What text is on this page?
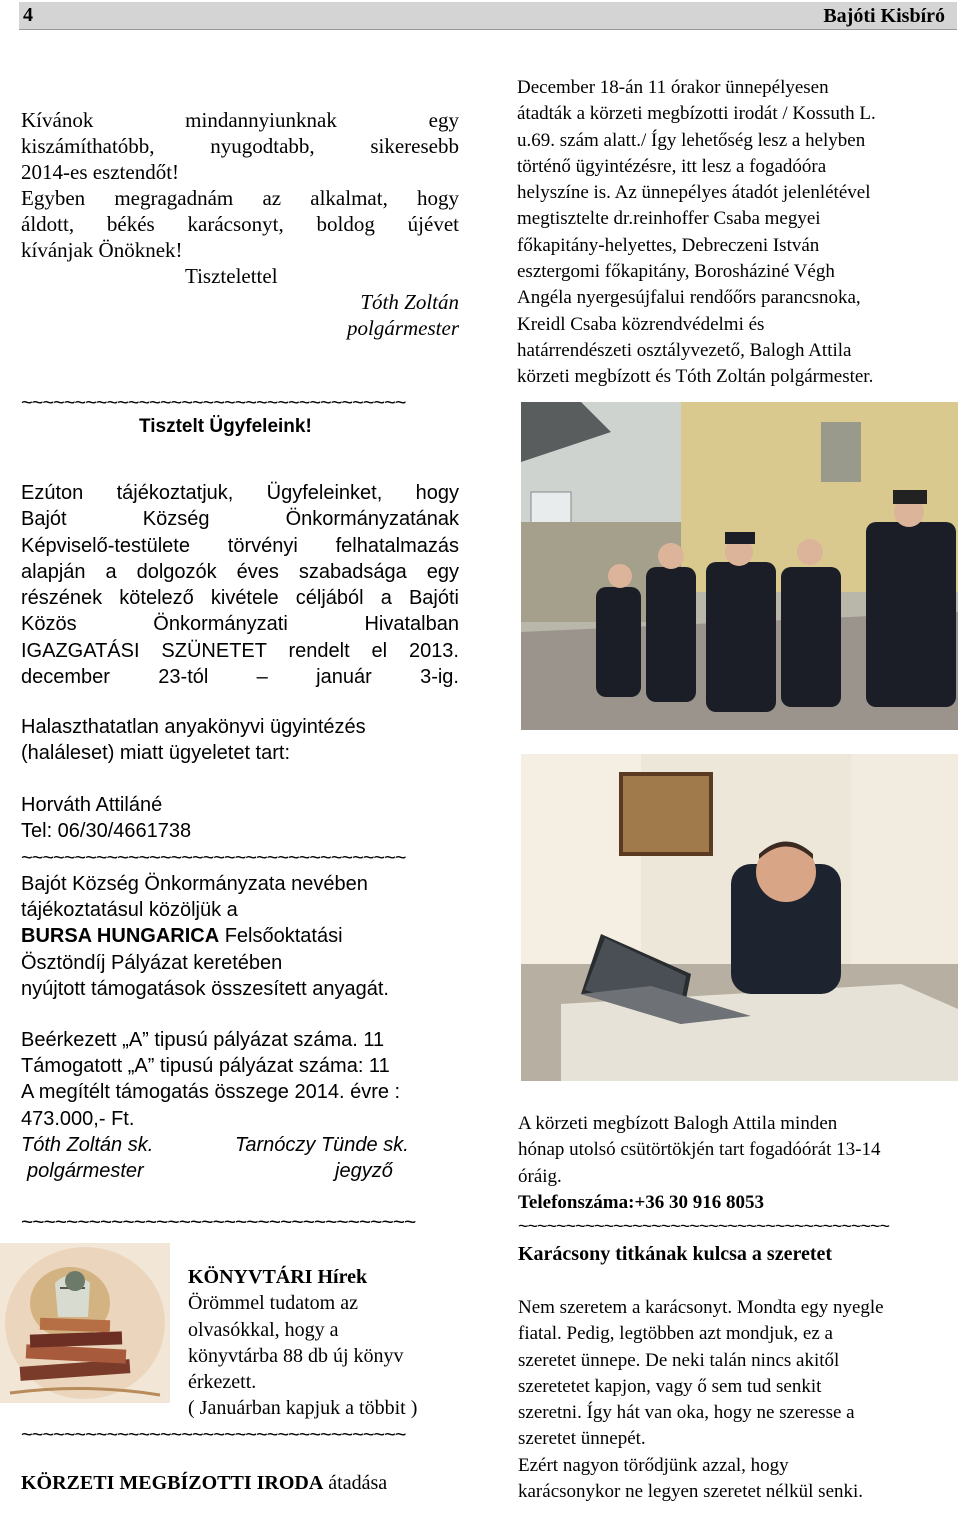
4	Bajóti Kisbíró
Kívánok	mindannyiunknak	egy
kiszámíthatóbb,	nyugodtabb,	sikeresebb
2014-es esztendőt!
Egyben megragadnám az alkalmat, hogy
áldott, békés karácsonyt, boldog újévet
kívánjak Önöknek!
Tisztelettel
Tóth Zoltán
polgármester
~~~~~~~~~~~~~~~~~~~~~~~~~~~~~~~~~~~~
Tisztelt Ügyfeleink!
Ezúton tájékoztatjuk, Ügyfeleinket, hogy
Bajót Község Önkormányzatának
Képviselő-testülete törvényi felhatalmazás
alapján a dolgozók éves szabadsága egy
részének kötelező kivétele céljából a Bajóti
Közös Önkormányzati Hivatalban
IGAZGATÁSI SZÜNETET rendelt el 2013.
december 23-tól – január 3-ig.
Halaszthatatlan anyakönyvi ügyintézés
(haláleset) miatt ügyeletet tart:
Horváth Attiláné
Tel: 06/30/4661738
~~~~~~~~~~~~~~~~~~~~~~~~~~~~~~~~~~~~
Bajót Község Önkormányzata nevében
tájékoztatásul közöljük a
BURSA HUNGARICA Felsőoktatási
Ösztöndíj Pályázat keretében
nyújtott támogatások összesített anyagát.
Beérkezett „A” tipusú pályázat száma. 11
Támogatott „A” tipusú pályázat száma: 11
A megítélt támogatás összege 2014. évre :
473.000,- Ft.
Tóth Zoltán sk.	Tarnóczy Tünde sk.
polgármester	jegyző
~~~~~~~~~~~~~~~~~~~~~~~~~~~~~~~~~~~
KÖNYVTÁRI Hírek
Örömmel tudatom az
olvasókkal, hogy a
könyvtárba 88 db új könyv
érkezett.
( Januárban kapjuk a többit )
~~~~~~~~~~~~~~~~~~~~~~~~~~~~~~~~~~~~
KÖRZETI MEGBÍZOTTI IRODA átadása
December 18-án 11 órakor ünnepélyesen
átadták a körzeti megbízotti irodát / Kossuth L.
u.69. szám alatt./ Így lehetőség lesz a helyben
történő ügyintézésre, itt lesz a fogadóóra
helyszíne is. Az ünnepélyes átadót jelenlétével
megtisztelte dr.reinhoffer Csaba megyei
főkapitány-helyettes, Debreczeni István
esztergomi főkapitány, Borosháziné Végh
Angéla nyergesújfalui rendőőrs parancsnoka,
Kreidl Csaba közrendvédelmi és
határrendészeti osztályvezető, Balogh Attila
körzeti megbízott és Tóth Zoltán polgármester.
A körzeti megbízott Balogh Attila minden
hónap utolsó csütörtökjén tart fogadóórát 13-14
óráig.
Telefonszáma:+36 30 916 8053
~~~~~~~~~~~~~~~~~~~~~~~~~~~~~~~~~~~~~~~
Karácsony titkának kulcsa a szeretet
Nem szeretem a karácsonyt. Mondta egy nyegle
fiatal. Pedig, legtöbben azt mondjuk, ez a
szeretet ünnepe. De neki talán nincs akitől
szeretetet kapjon, vagy ő sem tud senkit
szeretni. Így hát van oka, hogy ne szeresse a
szeretet ünnepét.
Ezért nagyon törődjünk azzal, hogy
karácsonykor ne legyen szeretet nélkül senki.
